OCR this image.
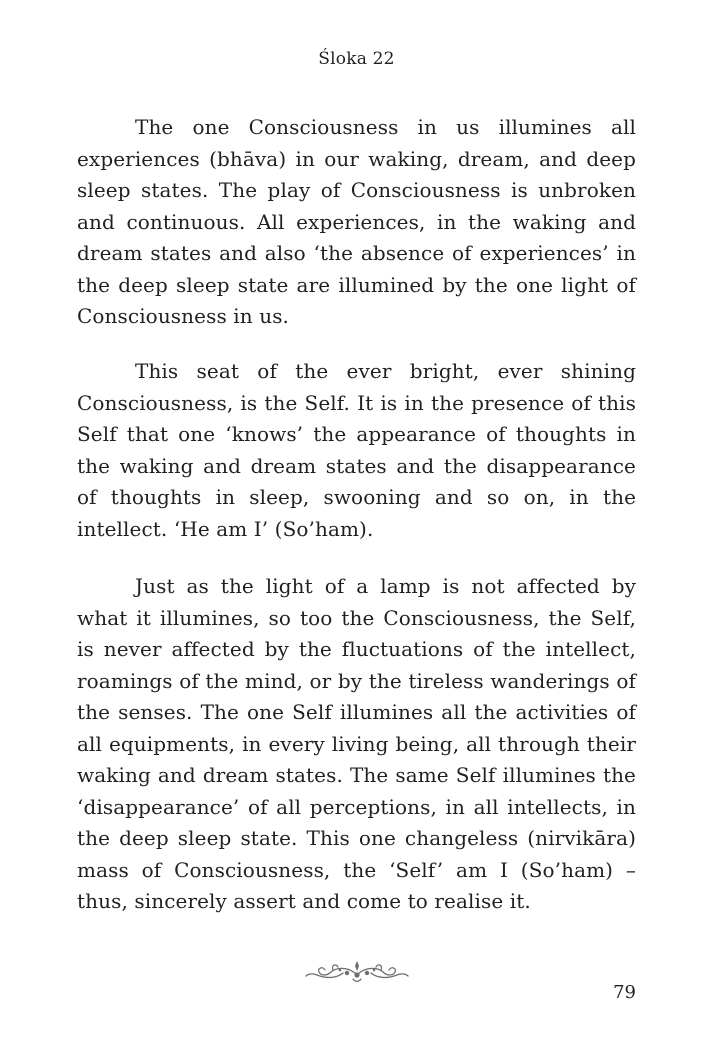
Śloka 22

The one Consciousness in us illumines all experiences (bhāva) in our waking, dream, and deep sleep states. The play of Consciousness is unbroken and continuous. All experiences, in the waking and dream states and also ‘the absence of experiences’ in the deep sleep state are illumined by the one light of Consciousness in us.

This seat of the ever bright, ever shining Consciousness, is the Self. It is in the presence of this Self that one ‘knows’ the appearance of thoughts in the waking and dream states and the disappearance of thoughts in sleep, swooning and so on, in the intellect. ‘He am I’ (So’ham).

Just as the light of a lamp is not affected by what it illumines, so too the Consciousness, the Self, is never affected by the fluctuations of the intellect, roamings of the mind, or by the tireless wanderings of the senses. The one Self illumines all the activities of all equipments, in every living being, all through their waking and dream states. The same Self illumines the ‘disappearance’ of all perceptions, in all intellects, in the deep sleep state. This one changeless (nirvikāra) mass of Consciousness, the ‘Self’ am I (So’ham) – thus, sincerely assert and come to realise it.

79
